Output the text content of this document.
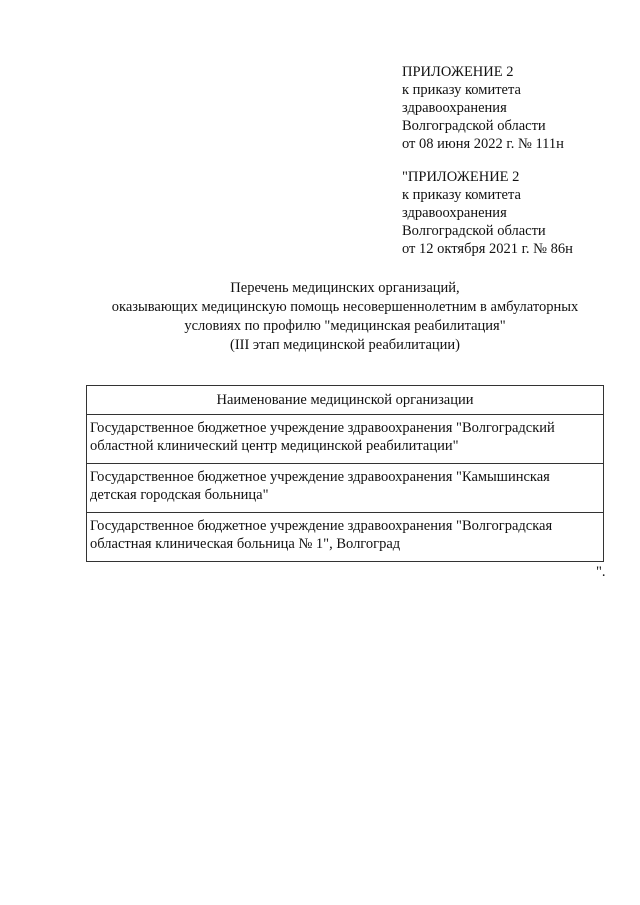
ПРИЛОЖЕНИЕ 2
к приказу комитета
здравоохранения
Волгоградской области
от 08 июня 2022 г. № 111н
"ПРИЛОЖЕНИЕ 2
к приказу комитета
здравоохранения
Волгоградской области
от 12 октября 2021 г. № 86н
Перечень медицинских организаций,
оказывающих медицинскую помощь несовершеннолетним в амбулаторных
условиях по профилю "медицинская реабилитация"
(III этап медицинской реабилитации)
Наименование медицинской организации
Государственное бюджетное учреждение здравоохранения "Волгоградский областной клинический центр медицинской реабилитации"
Государственное бюджетное учреждение здравоохранения "Камышинская детская городская больница"
Государственное бюджетное учреждение здравоохранения "Волгоградская областная клиническая больница № 1", Волгоград
".
